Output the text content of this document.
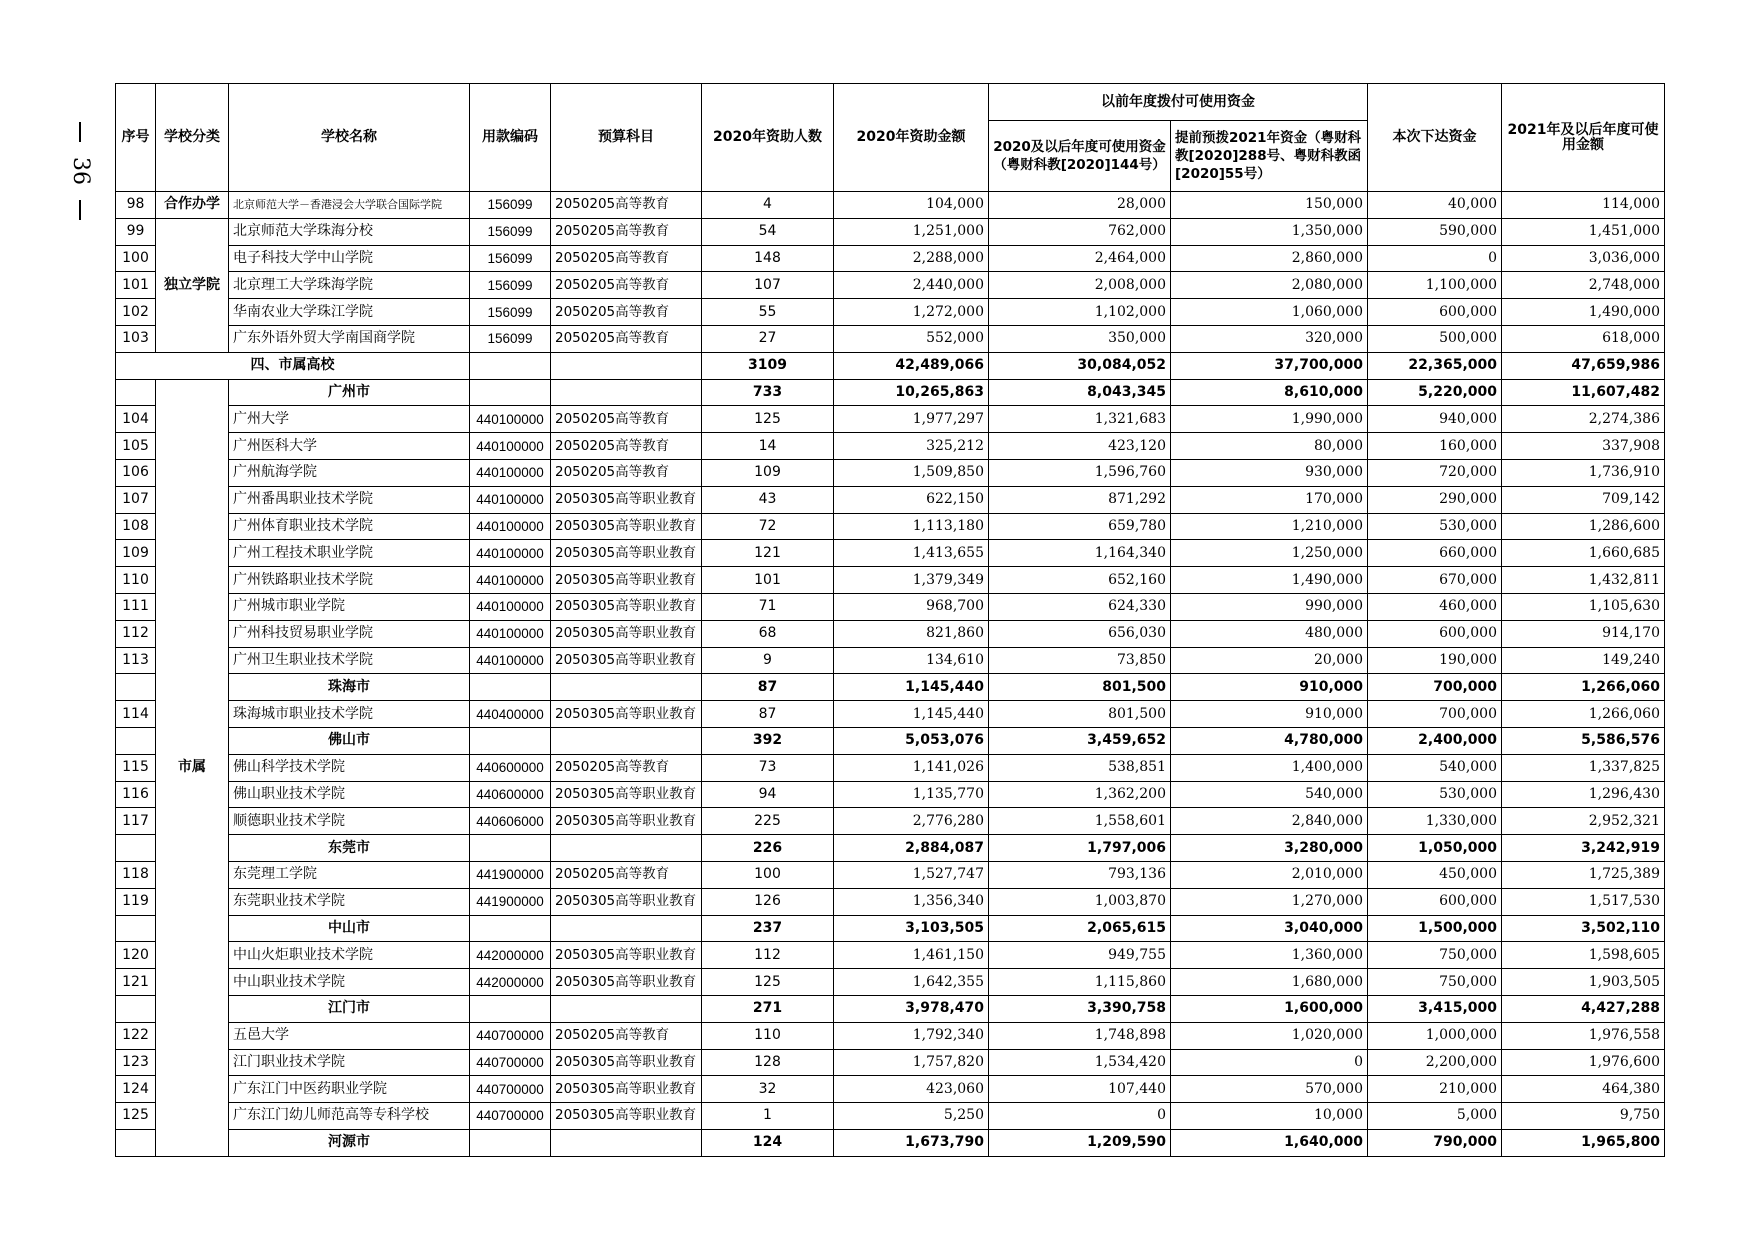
36
序号	学校分类	学校名称	用款编码	预算科目	2020年资助人数	2020年资助金额	以前年度拨付可使用资金		本次下达资金	2021年及以后年度可使用金额
							2020及以后年度可使用资金（粤财科教[2020]144号）	提前预拨2021年资金（粤财科教[2020]288号、粤财科教函[2020]55号）		
98	合作办学	北京师范大学－香港浸会大学联合国际学院	156099	2050205高等教育	4	104,000	28,000	150,000	40,000	114,000
99	独立学院	北京师范大学珠海分校	156099	2050205高等教育	54	1,251,000	762,000	1,350,000	590,000	1,451,000
100		电子科技大学中山学院	156099	2050205高等教育	148	2,288,000	2,464,000	2,860,000	0	3,036,000
101		北京理工大学珠海学院	156099	2050205高等教育	107	2,440,000	2,008,000	2,080,000	1,100,000	2,748,000
102		华南农业大学珠江学院	156099	2050205高等教育	55	1,272,000	1,102,000	1,060,000	600,000	1,490,000
103		广东外语外贸大学南国商学院	156099	2050205高等教育	27	552,000	350,000	320,000	500,000	618,000
四、市属高校					3109	42,489,066	30,084,052	37,700,000	22,365,000	47,659,986
	市属	广州市			733	10,265,863	8,043,345	8,610,000	5,220,000	11,607,482
104		广州大学	440100000	2050205高等教育	125	1,977,297	1,321,683	1,990,000	940,000	2,274,386
105		广州医科大学	440100000	2050205高等教育	14	325,212	423,120	80,000	160,000	337,908
106		广州航海学院	440100000	2050205高等教育	109	1,509,850	1,596,760	930,000	720,000	1,736,910
107		广州番禺职业技术学院	440100000	2050305高等职业教育	43	622,150	871,292	170,000	290,000	709,142
108		广州体育职业技术学院	440100000	2050305高等职业教育	72	1,113,180	659,780	1,210,000	530,000	1,286,600
109		广州工程技术职业学院	440100000	2050305高等职业教育	121	1,413,655	1,164,340	1,250,000	660,000	1,660,685
110		广州铁路职业技术学院	440100000	2050305高等职业教育	101	1,379,349	652,160	1,490,000	670,000	1,432,811
111		广州城市职业学院	440100000	2050305高等职业教育	71	968,700	624,330	990,000	460,000	1,105,630
112		广州科技贸易职业学院	440100000	2050305高等职业教育	68	821,860	656,030	480,000	600,000	914,170
113		广州卫生职业技术学院	440100000	2050305高等职业教育	9	134,610	73,850	20,000	190,000	149,240
		珠海市			87	1,145,440	801,500	910,000	700,000	1,266,060
114		珠海城市职业技术学院	440400000	2050305高等职业教育	87	1,145,440	801,500	910,000	700,000	1,266,060
		佛山市			392	5,053,076	3,459,652	4,780,000	2,400,000	5,586,576
115		佛山科学技术学院	440600000	2050205高等教育	73	1,141,026	538,851	1,400,000	540,000	1,337,825
116		佛山职业技术学院	440600000	2050305高等职业教育	94	1,135,770	1,362,200	540,000	530,000	1,296,430
117		顺德职业技术学院	440606000	2050305高等职业教育	225	2,776,280	1,558,601	2,840,000	1,330,000	2,952,321
		东莞市			226	2,884,087	1,797,006	3,280,000	1,050,000	3,242,919
118		东莞理工学院	441900000	2050205高等教育	100	1,527,747	793,136	2,010,000	450,000	1,725,389
119		东莞职业技术学院	441900000	2050305高等职业教育	126	1,356,340	1,003,870	1,270,000	600,000	1,517,530
		中山市			237	3,103,505	2,065,615	3,040,000	1,500,000	3,502,110
120		中山火炬职业技术学院	442000000	2050305高等职业教育	112	1,461,150	949,755	1,360,000	750,000	1,598,605
121		中山职业技术学院	442000000	2050305高等职业教育	125	1,642,355	1,115,860	1,680,000	750,000	1,903,505
		江门市			271	3,978,470	3,390,758	1,600,000	3,415,000	4,427,288
122		五邑大学	440700000	2050205高等教育	110	1,792,340	1,748,898	1,020,000	1,000,000	1,976,558
123		江门职业技术学院	440700000	2050305高等职业教育	128	1,757,820	1,534,420	0	2,200,000	1,976,600
124		广东江门中医药职业学院	440700000	2050305高等职业教育	32	423,060	107,440	570,000	210,000	464,380
125		广东江门幼儿师范高等专科学校	440700000	2050305高等职业教育	1	5,250	0	10,000	5,000	9,750
		河源市			124	1,673,790	1,209,590	1,640,000	790,000	1,965,800
